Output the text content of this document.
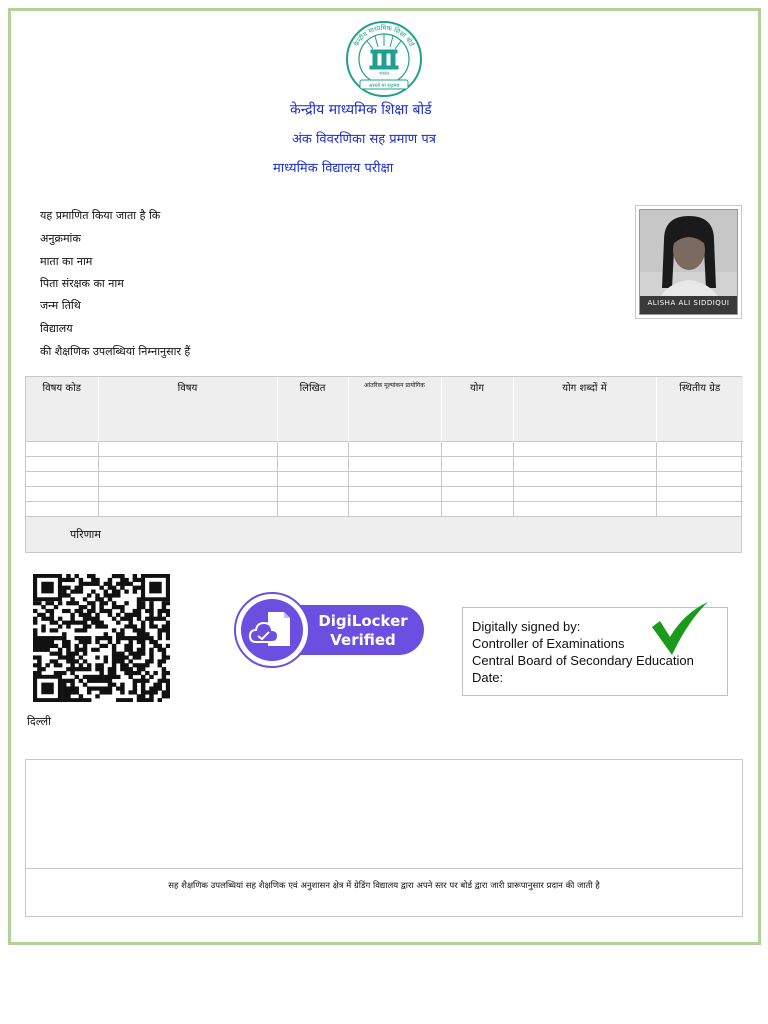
केन्द्रीय माध्यमिक शिक्षा बोर्ड
भारत
असतो मा सद्गमय
केन्द्रीय माध्यमिक शिक्षा बोर्ड
अंक विवरणिका सह प्रमाण पत्र
माध्यमिक विद्यालय परीक्षा
यह प्रमाणित किया जाता है कि
अनुक्रमांक
माता का नाम
पिता संरक्षक का नाम
जन्म तिथि
विद्यालय
की शैक्षणिक उपलब्धियां निम्नानुसार हैं
ALISHA ALI SIDDIQUI
विषय कोड	विषय	लिखित	आंतरिक मूल्यांकन प्रायोगिक	योग	योग शब्दों में	स्थितीय ग्रेड

परिणाम
DigiLocker
Verified
Digitally signed by:
Controller of Examinations
Central Board of Secondary Education
Date:
दिल्ली
सह शैक्षणिक उपलब्धियां सह शैक्षणिक एवं अनुशासन क्षेत्र में ग्रेडिंग विद्यालय द्वारा अपने स्तर पर बोर्ड द्वारा जारी प्रारूपानुसार प्रदान की जाती है
